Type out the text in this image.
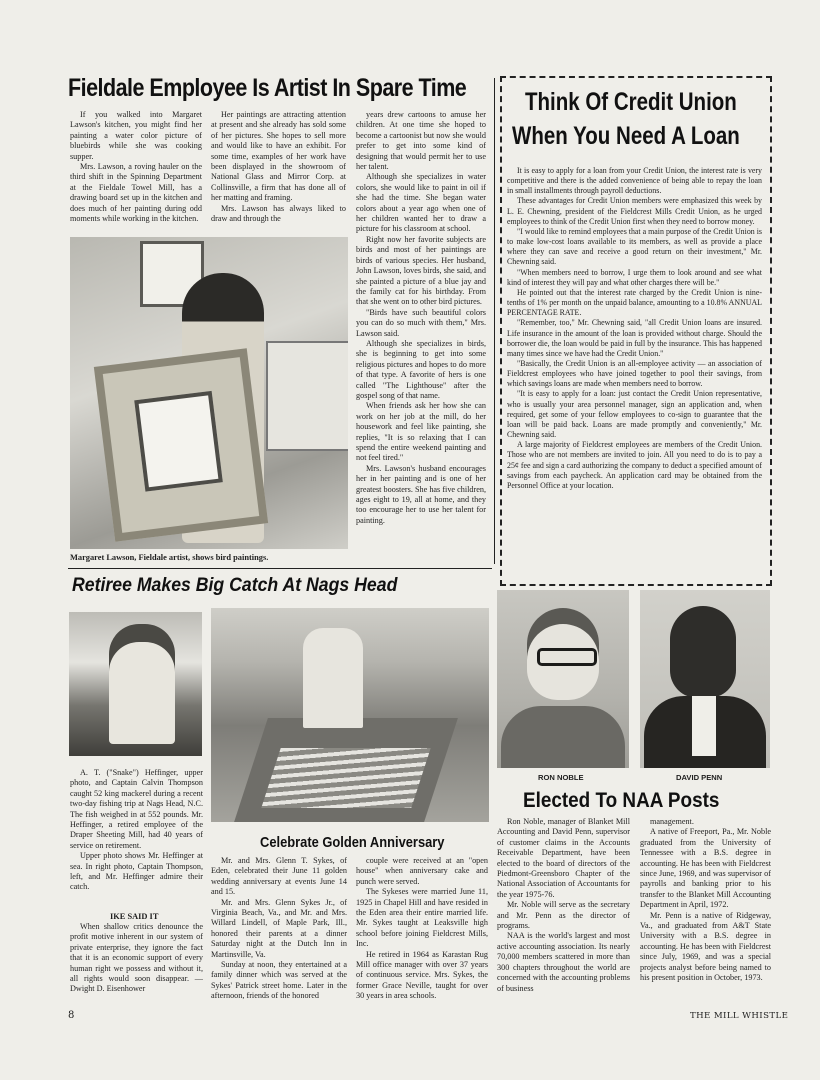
Fieldale Employee Is Artist In Spare Time

If you walked into Margaret Lawson's kitchen, you might find her painting a water color picture of bluebirds while she was cooking supper.

Mrs. Lawson, a roving hauler on the third shift in the Spinning Department at the Fieldale Towel Mill, has a drawing board set up in the kitchen and does much of her painting during odd moments while working in the kitchen.

Her paintings are attracting attention at present and she already has sold some of her pictures. She hopes to sell more and would like to have an exhibit. For some time, examples of her work have been displayed in the showroom of National Glass and Mirror Corp. at Collinsville, a firm that has done all of her matting and framing.

Mrs. Lawson has always liked to draw and through the

years drew cartoons to amuse her children. At one time she hoped to become a cartoonist but now she would prefer to get into some kind of designing that would permit her to use her talent.

Although she specializes in water colors, she would like to paint in oil if she had the time. She began water colors about a year ago when one of her children wanted her to draw a picture for his classroom at school.

Right now her favorite subjects are birds and most of her paintings are birds of various species. Her husband, John Lawson, loves birds, she said, and she painted a picture of a blue jay and the family cat for his birthday. From that she went on to other bird pictures.

"Birds have such beautiful colors you can do so much with them," Mrs. Lawson said.

Although she specializes in birds, she is beginning to get into some religious pictures and hopes to do more of that type. A favorite of hers is one called "The Lighthouse" after the gospel song of that name.

When friends ask her how she can work on her job at the mill, do her housework and feel like painting, she replies, "It is so relaxing that I can spend the entire weekend painting and not feel tired."

Mrs. Lawson's husband encourages her in her painting and is one of her greatest boosters. She has five children, ages eight to 19, all at home, and they too encourage her to use her talent for painting.

Margaret Lawson, Fieldale artist, shows bird paintings.
Think Of Credit Union
When You Need A Loan

It is easy to apply for a loan from your Credit Union, the interest rate is very competitive and there is the added convenience of being able to repay the loan in small installments through payroll deductions.

These advantages for Credit Union members were emphasized this week by L. E. Chewning, president of the Fieldcrest Mills Credit Union, as he urged employees to think of the Credit Union first when they need to borrow money.

"I would like to remind employees that a main purpose of the Credit Union is to make low-cost loans available to its members, as well as provide a place where they can save and receive a good return on their investment," Mr. Chewning said.

"When members need to borrow, I urge them to look around and see what kind of interest they will pay and what other charges there will be."

He pointed out that the interest rate charged by the Credit Union is nine-tenths of 1% per month on the unpaid balance, amounting to a 10.8% ANNUAL PERCENTAGE RATE.

"Remember, too," Mr. Chewning said, "all Credit Union loans are insured. Life insurance in the amount of the loan is provided without charge. Should the borrower die, the loan would be paid in full by the insurance. This has happened many times since we have had the Credit Union."

"Basically, the Credit Union is an all-employee activity — an association of Fieldcrest employees who have joined together to pool their savings, from which savings loans are made when members need to borrow.

"It is easy to apply for a loan: just contact the Credit Union representative, who is usually your area personnel manager, sign an application and, when required, get some of your fellow employees to co-sign to guarantee that the loan will be paid back. Loans are made promptly and conveniently," Mr. Chewning said.

A large majority of Fieldcrest employees are members of the Credit Union. Those who are not members are invited to join. All you need to do is to pay a 25¢ fee and sign a card authorizing the company to deduct a specified amount of savings from each paycheck. An application card may be obtained from the Personnel Office at your location.

Retiree Makes Big Catch At Nags Head

A. T. ("Snake") Heffinger, upper photo, and Captain Calvin Thompson caught 52 king mackerel during a recent two-day fishing trip at Nags Head, N.C. The fish weighed in at 552 pounds. Mr. Heffinger, a retired employee of the Draper Sheeting Mill, had 40 years of service on retirement.

Upper photo shows Mr. Heffinger at sea. In right photo, Captain Thompson, left, and Mr. Heffinger admire their catch.

IKE SAID IT

When shallow critics denounce the profit motive inherent in our system of private enterprise, they ignore the fact that it is an economic support of every human right we possess and without it, all rights would soon disappear. —Dwight D. Eisenhower

Celebrate Golden Anniversary

Mr. and Mrs. Glenn T. Sykes, of Eden, celebrated their June 11 golden wedding anniversary at events June 14 and 15.

Mr. and Mrs. Glenn Sykes Jr., of Virginia Beach, Va., and Mr. and Mrs. Willard Lindell, of Maple Park, Ill., honored their parents at a dinner Saturday night at the Dutch Inn in Martinsville, Va.

Sunday at noon, they entertained at a family dinner which was served at the Sykes' Patrick street home. Later in the afternoon, friends of the honored

couple were received at an "open house" when anniversary cake and punch were served.

The Sykeses were married June 11, 1925 in Chapel Hill and have resided in the Eden area their entire married life. Mr. Sykes taught at Leaksville high school before joining Fieldcrest Mills, Inc.

He retired in 1964 as Karastan Rug Mill office manager with over 37 years of continuous service. Mrs. Sykes, the former Grace Neville, taught for over 30 years in area schools.

RON NOBLE	DAVID PENN
Elected To NAA Posts

Ron Noble, manager of Blanket Mill Accounting and David Penn, supervisor of customer claims in the Accounts Receivable Department, have been elected to the board of directors of the Piedmont-Greensboro Chapter of the National Association of Accountants for the year 1975-76.

Mr. Noble will serve as the secretary and Mr. Penn as the director of programs.

NAA is the world's largest and most active accounting association. Its nearly 70,000 members scattered in more than 300 chapters throughout the world are concerned with the accounting problems of business

management.

A native of Freeport, Pa., Mr. Noble graduated from the University of Tennessee with a B.S. degree in accounting. He has been with Fieldcrest since June, 1969, and was supervisor of payrolls and banking prior to his transfer to the Blanket Mill Accounting Department in April, 1972.

Mr. Penn is a native of Ridgeway, Va., and graduated from A&T State University with a B.S. degree in accounting. He has been with Fieldcrest since July, 1969, and was a special projects analyst before being named to his present position in October, 1973.

8	THE MILL WHISTLE
